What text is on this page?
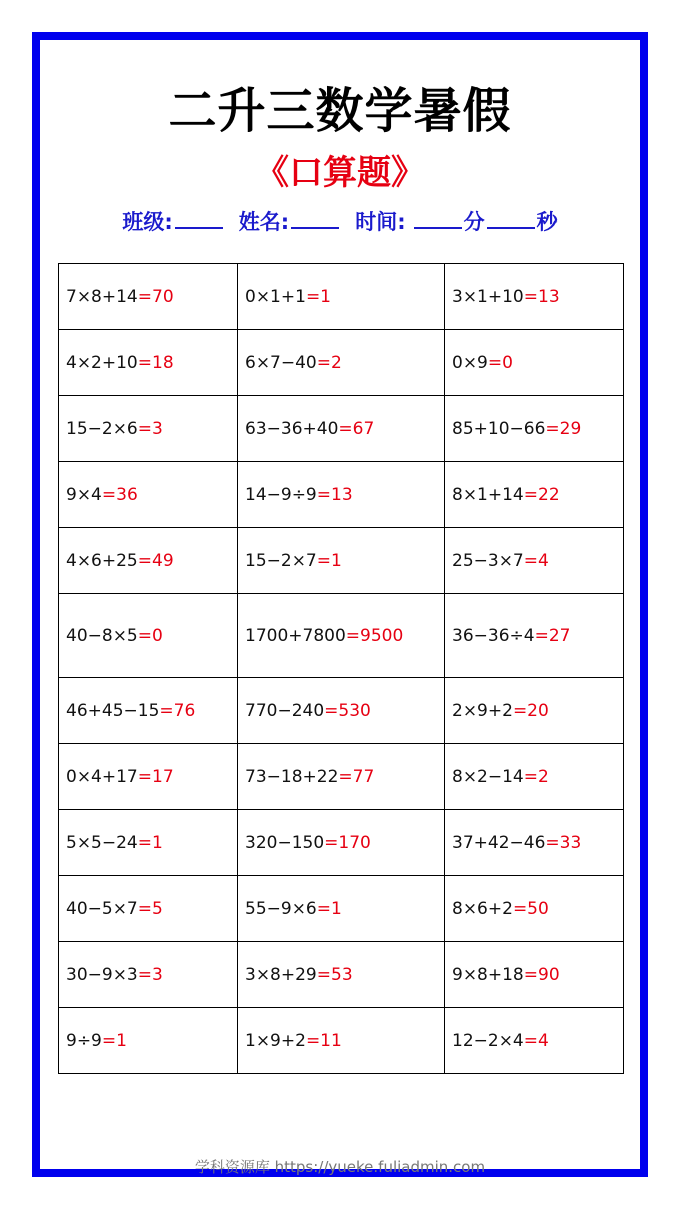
二升三数学暑假
《口算题》
班级:	姓名:	时间:	分 秒
7×8+14=70	0×1+1=1	3×1+10=13
4×2+10=18	6×7−40=2	0×9=0
15−2×6=3	63−36+40=67	85+10−66=29
9×4=36	14−9÷9=13	8×1+14=22
4×6+25=49	15−2×7=1	25−3×7=4
40−8×5=0	1700+7800=9500	36−36÷4=27
46+45−15=76	770−240=530	2×9+2=20
0×4+17=17	73−18+22=77	8×2−14=2
5×5−24=1	320−150=170	37+42−46=33
40−5×7=5	55−9×6=1	8×6+2=50
30−9×3=3	3×8+29=53	9×8+18=90
9÷9=1	1×9+2=11	12−2×4=4
学科资源库 https://yueke.fuliadmin.com
